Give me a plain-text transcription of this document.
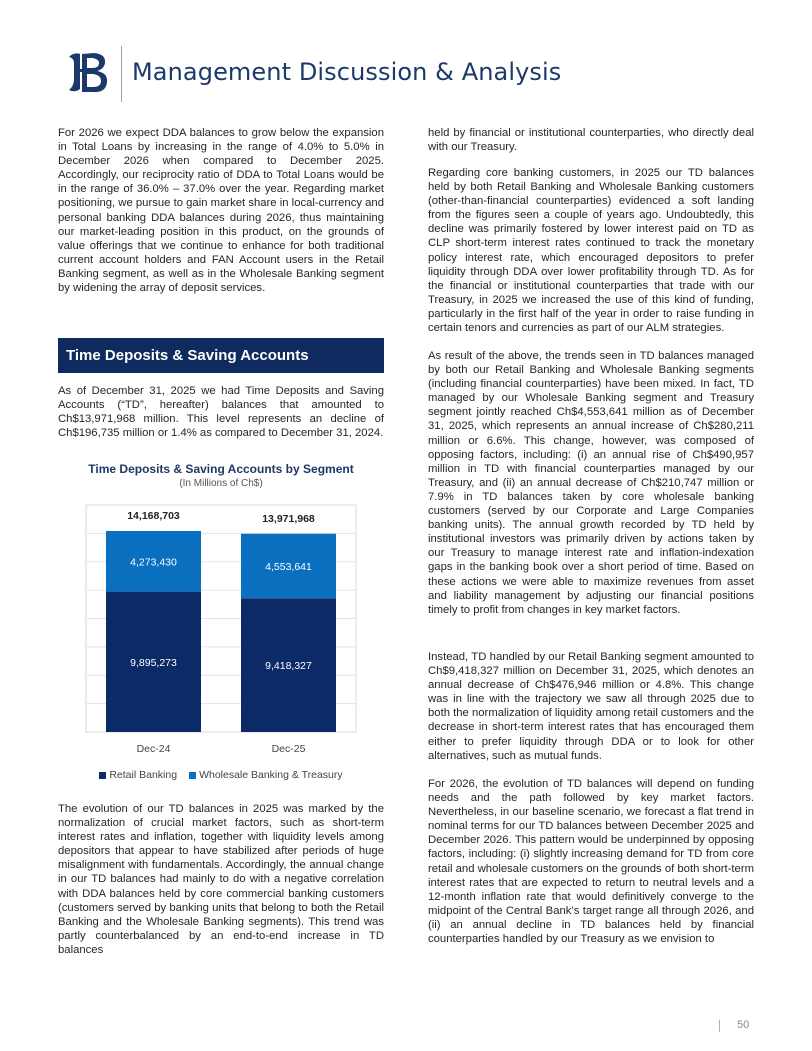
Management Discussion & Analysis

For 2026 we expect DDA balances to grow below the expansion in Total Loans by increasing in the range of 4.0% to 5.0% in December 2026 when compared to December 2025. Accordingly, our reciprocity ratio of DDA to Total Loans would be in the range of 36.0% – 37.0% over the year. Regarding market positioning, we pursue to gain market share in local-currency and personal banking DDA balances during 2026, thus maintaining our market-leading position in this product, on the grounds of value offerings that we continue to enhance for both traditional current account holders and FAN Account users in the Retail Banking segment, as well as in the Wholesale Banking segment by widening the array of deposit services.

Time Deposits & Saving Accounts

As of December 31, 2025 we had Time Deposits and Saving Accounts (“TD”, hereafter) balances that amounted to Ch$13,971,968 million. This level represents an decline of Ch$196,735 million or 1.4% as compared to December 31, 2024.

Time Deposits & Saving Accounts by Segment
(In Millions of Ch$)
9,895,273
4,273,430
14,168,703
Dec-24
9,418,327
4,553,641
13,971,968
Dec-25
Retail Banking Wholesale Banking & Treasury

The evolution of our TD balances in 2025 was marked by the normalization of crucial market factors, such as short-term interest rates and inflation, together with liquidity levels among depositors that appear to have stabilized after periods of huge misalignment with fundamentals. Accordingly, the annual change in our TD balances had mainly to do with a negative correlation with DDA balances held by core commercial banking customers (customers served by banking units that belong to both the Retail Banking and the Wholesale Banking segments). This trend was partly counterbalanced by an end-to-end increase in TD balances

held by financial or institutional counterparties, who directly deal with our Treasury.

Regarding core banking customers, in 2025 our TD balances held by both Retail Banking and Wholesale Banking customers (other-than-financial counterparties) evidenced a soft landing from the figures seen a couple of years ago. Undoubtedly, this decline was primarily fostered by lower interest paid on TD as CLP short-term interest rates continued to track the monetary policy interest rate, which encouraged depositors to prefer liquidity through DDA over lower profitability through TD. As for the financial or institutional counterparties that trade with our Treasury, in 2025 we increased the use of this kind of funding, particularly in the first half of the year in order to raise funding in certain tenors and currencies as part of our ALM strategies.

As result of the above, the trends seen in TD balances managed by both our Retail Banking and Wholesale Banking segments (including financial counterparties) have been mixed. In fact, TD managed by our Wholesale Banking segment and Treasury segment jointly reached Ch$4,553,641 million as of December 31, 2025, which represents an annual increase of Ch$280,211 million or 6.6%. This change, however, was composed of opposing factors, including: (i) an annual rise of Ch$490,957 million in TD with financial counterparties managed by our Treasury, and (ii) an annual decrease of Ch$210,747 million or 7.9% in TD balances taken by core wholesale banking customers (served by our Corporate and Large Companies banking units). The annual growth recorded by TD held by institutional investors was primarily driven by actions taken by our Treasury to manage interest rate and inflation-indexation gaps in the banking book over a short period of time. Based on these actions we were able to maximize revenues from asset and liability management by adjusting our financial positions timely to profit from changes in key market factors.

Instead, TD handled by our Retail Banking segment amounted to Ch$9,418,327 million on December 31, 2025, which denotes an annual decrease of Ch$476,946 million or 4.8%. This change was in line with the trajectory we saw all through 2025 due to both the normalization of liquidity among retail customers and the decrease in short-term interest rates that has encouraged them either to prefer liquidity through DDA or to look for other alternatives, such as mutual funds.

For 2026, the evolution of TD balances will depend on funding needs and the path followed by key market factors. Nevertheless, in our baseline scenario, we forecast a flat trend in nominal terms for our TD balances between December 2025 and December 2026. This pattern would be underpinned by opposing factors, including: (i) slightly increasing demand for TD from core retail and wholesale customers on the grounds of both short-term interest rates that are expected to return to neutral levels and a 12-month inflation rate that would definitively converge to the midpoint of the Central Bank’s target range all through 2026, and (ii) an annual decline in TD balances held by financial counterparties handled by our Treasury as we envision to

50
